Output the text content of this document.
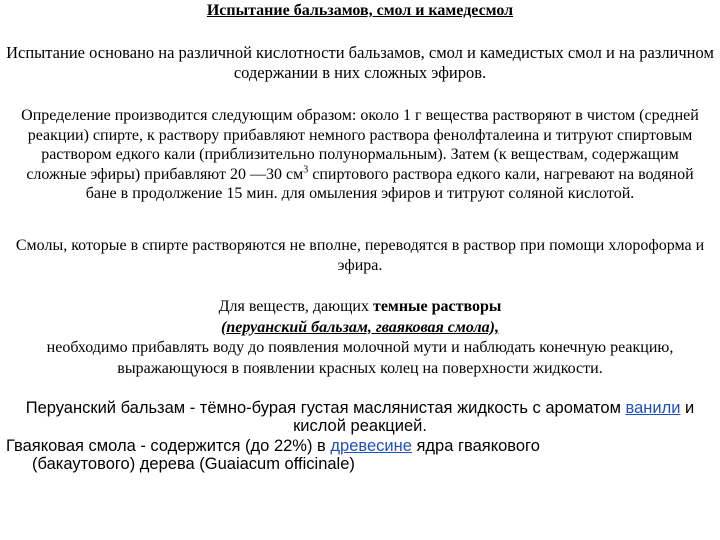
Испытание бальзамов, смол и камедесмол

Испытание основано на различной кислотности бальзамов, смол и камедистых смол и на различном содержании в них сложных эфиров.

Определение производится следующим образом: около 1 г вещества растворяют в чистом (средней реакции) спирте, к раствору прибавляют немного раствора фенолфталеина и титруют спиртовым раствором едкого кали (приблизительно полунормальным). Затем (к веществам, содержащим сложные эфиры) прибавляют 20 —30 $см^3$ спиртового раствора едкого кали, нагревают на водяной бане в продолжение 15 мин. для омыления эфиров и титруют соляной кислотой.

Смолы, которые в спирте растворяются не вполне, переводятся в раствор при помощи хлороформа и эфира.

Для веществ, дающих темные растворы
(перуанский бальзам, гваяковая смола),
необходимо прибавлять воду до появления молочной мути и наблюдать конечную реакцию, выражающуюся в появлении красных колец на поверхности жидкости.

Перуанский бальзам - тёмно-бурая густая маслянистая жидкость с ароматом ванили и кислой реакцией.

Гваяковая смола - содержится (до 22%) в древесине ядра гваякового
(бакаутового) дерева (Guaiacum officinale)
